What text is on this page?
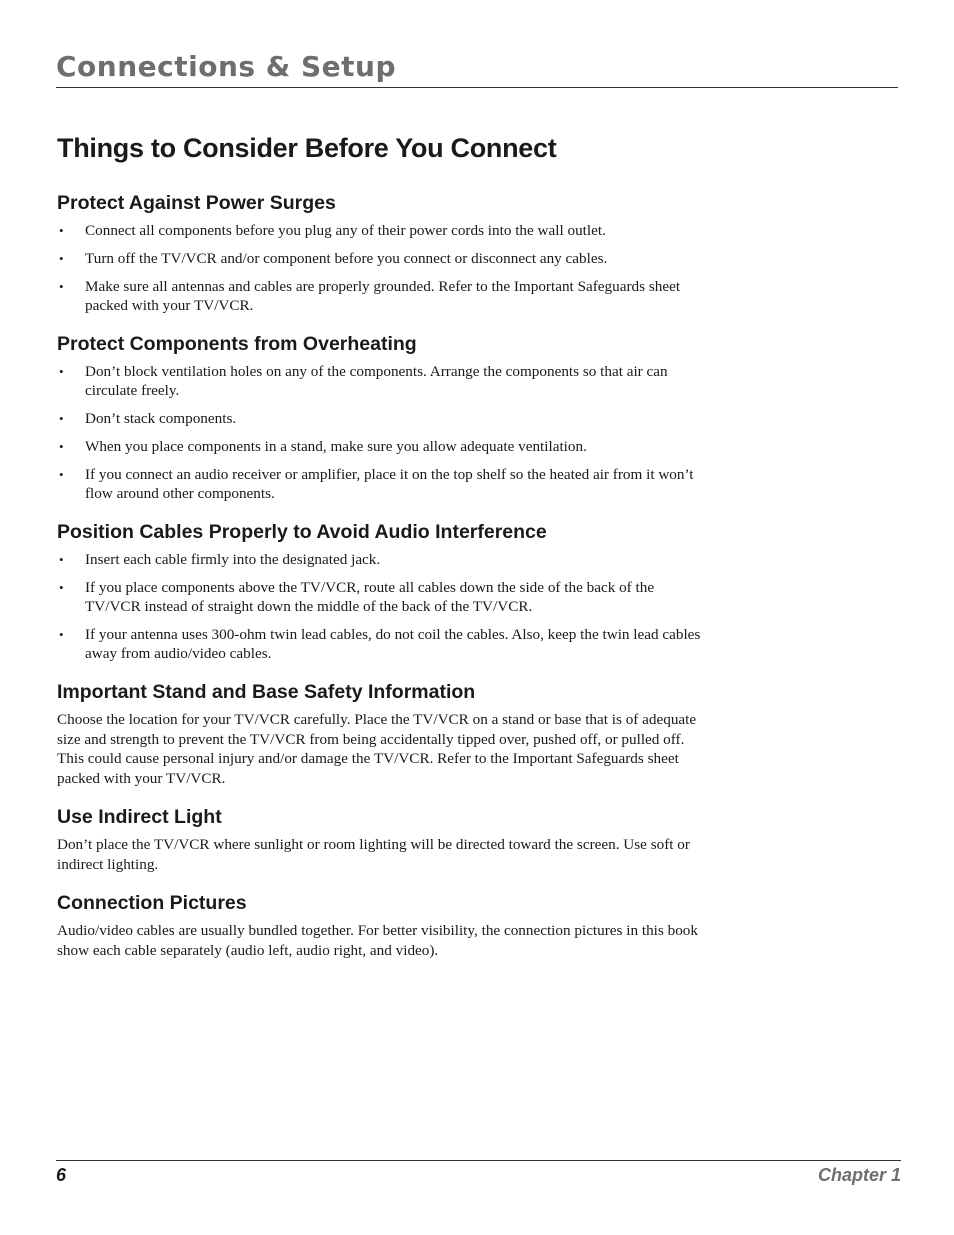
Connections & Setup
Things to Consider Before You Connect
Protect Against Power Surges
• Connect all components before you plug any of their power cords into the wall outlet.
• Turn off the TV/VCR and/or component before you connect or disconnect any cables.
• Make sure all antennas and cables are properly grounded. Refer to the Important Safeguards sheet packed with your TV/VCR.
Protect Components from Overheating
• Don’t block ventilation holes on any of the components. Arrange the components so that air can circulate freely.
• Don’t stack components.
• When you place components in a stand, make sure you allow adequate ventilation.
• If you connect an audio receiver or amplifier, place it on the top shelf so the heated air from it won’t flow around other components.
Position Cables Properly to Avoid Audio Interference
• Insert each cable firmly into the designated jack.
• If you place components above the TV/VCR, route all cables down the side of the back of the TV/VCR instead of straight down the middle of the back of the TV/VCR.
• If your antenna uses 300-ohm twin lead cables, do not coil the cables. Also, keep the twin lead cables away from audio/video cables.
Important Stand and Base Safety Information

Choose the location for your TV/VCR carefully. Place the TV/VCR on a stand or base that is of adequate size and strength to prevent the TV/VCR from being accidentally tipped over, pushed off, or pulled off. This could cause personal injury and/or damage the TV/VCR. Refer to the Important Safeguards sheet packed with your TV/VCR.

Use Indirect Light

Don’t place the TV/VCR where sunlight or room lighting will be directed toward the screen. Use soft or indirect lighting.

Connection Pictures

Audio/video cables are usually bundled together. For better visibility, the connection pictures in this book show each cable separately (audio left, audio right, and video).

6	Chapter 1
